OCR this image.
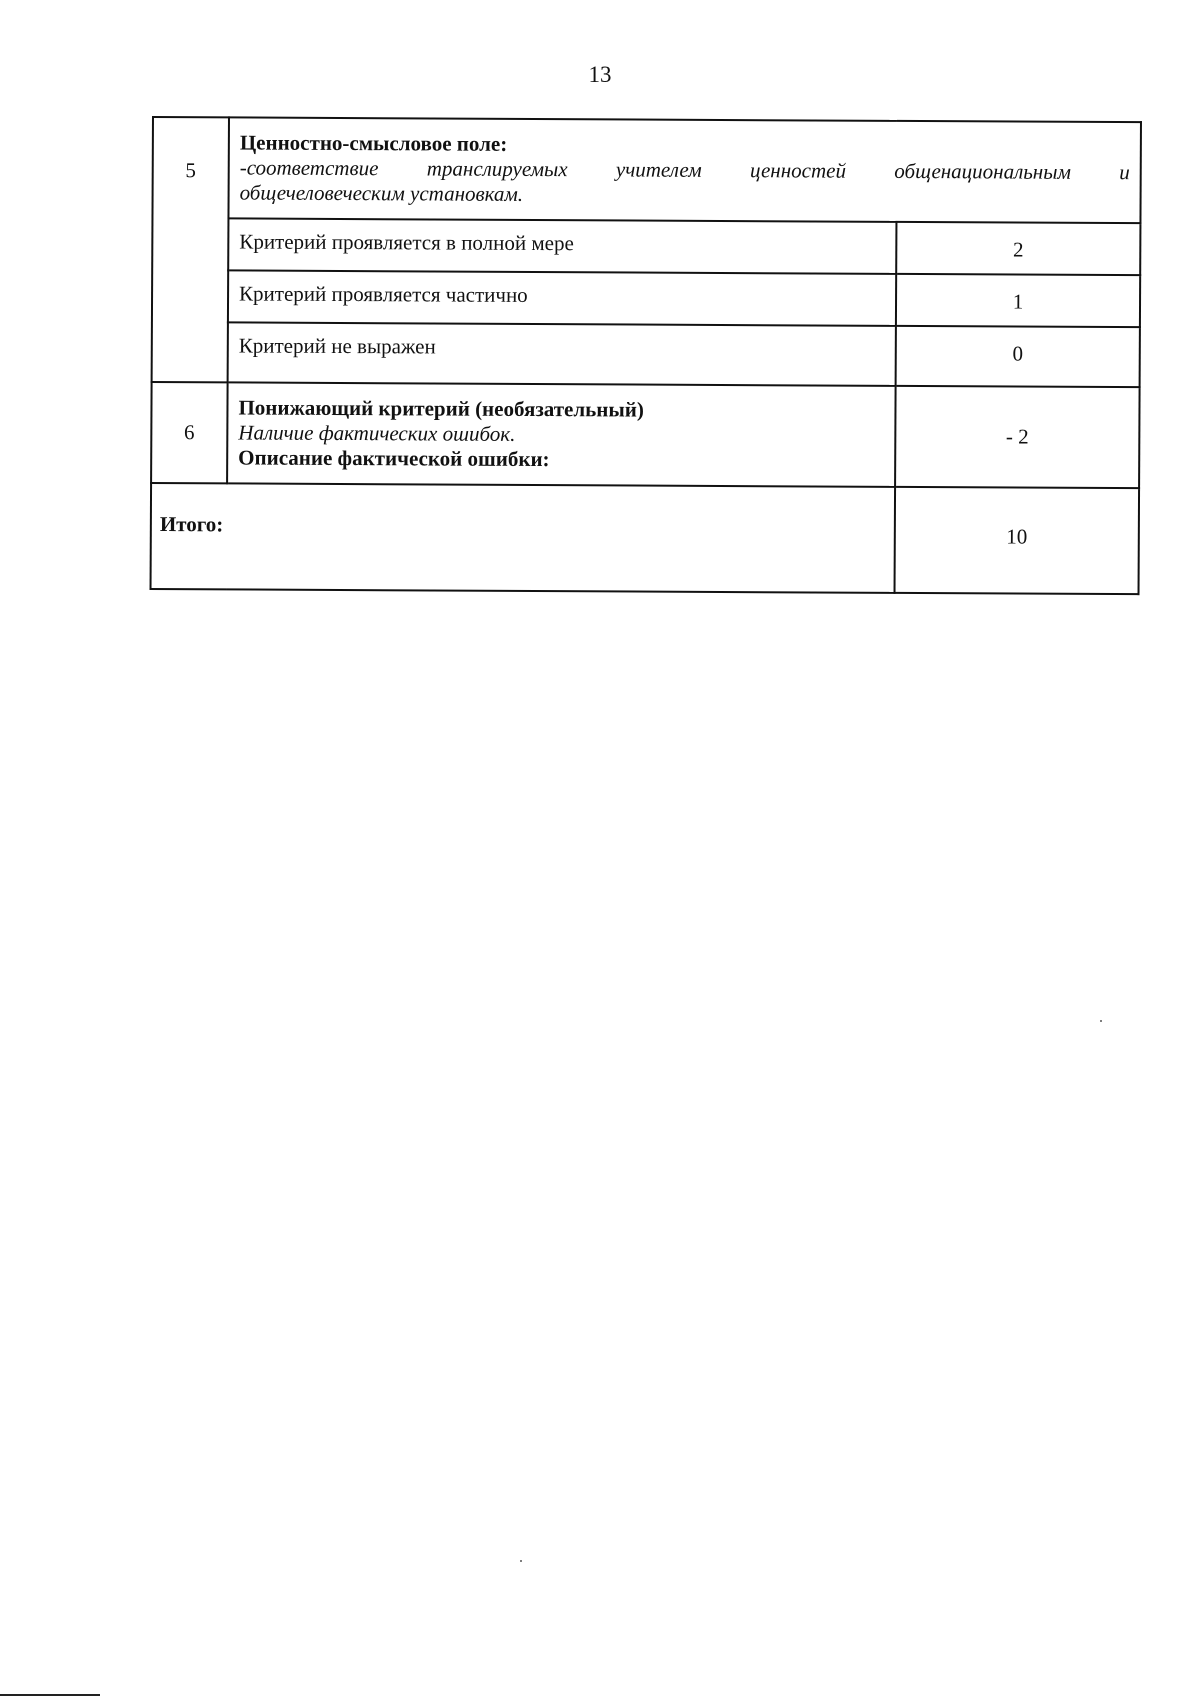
13
5	Ценностно-смысловое поле:
-соответствие транслируемых учителем ценностей общенациональным и
общечеловеческим установкам.	

	Критерий проявляется в полной мере	2
	Критерий проявляется частично	1
	Критерий не выражен	0
6	Понижающий критерий (необязательный)
Наличие фактических ошибок.
Описание фактической ошибки:	- 2
Итого:		10
